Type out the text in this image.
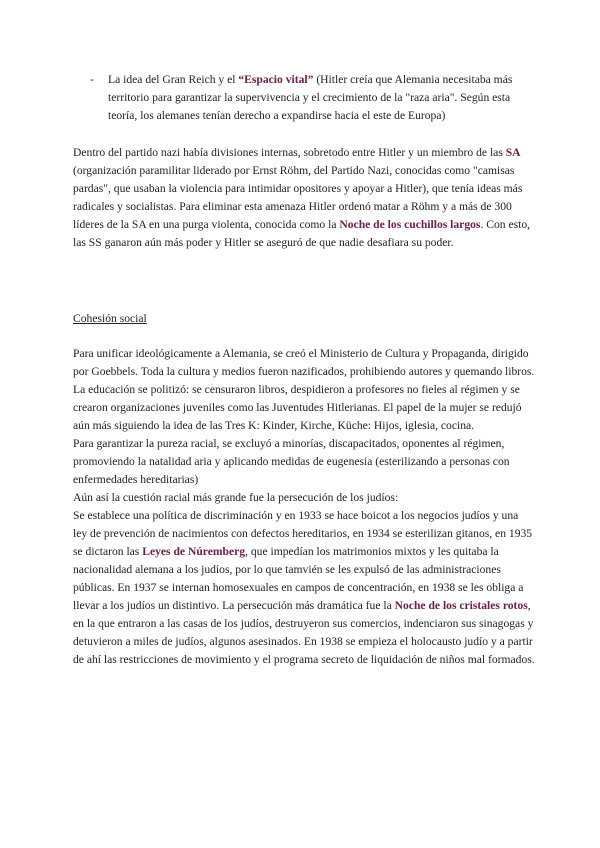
-	La idea del Gran Reich y el “Espacio vital” (Hitler creía que Alemania necesitaba más territorio para garantizar la supervivencia y el crecimiento de la "raza aria". Según esta teoría, los alemanes tenían derecho a expandirse hacia el este de Europa)

Dentro del partido nazi había divisiones internas, sobretodo entre Hitler y un miembro de las SA (organización paramilitar liderado por Ernst Röhm, del Partido Nazi, conocidas como "camisas pardas", que usaban la violencia para intimidar opositores y apoyar a Hitler), que tenía ideas más radicales y socialistas. Para eliminar esta amenaza Hitler ordenó matar a Röhm y a más de 300 líderes de la SA en una purga violenta, conocida como la Noche de los cuchillos largos. Con esto, las SS ganaron aún más poder y Hitler se aseguró de que nadie desafiara su poder.

Cohesión social

Para unificar ideológicamente a Alemania, se creó el Ministerio de Cultura y Propaganda, dirigido por Goebbels. Toda la cultura y medios fueron nazificados, prohibiendo autores y quemando libros.

La educación se politizó: se censuraron libros, despidieron a profesores no fieles al régimen y se crearon organizaciones juveniles como las Juventudes Hitlerianas. El papel de la mujer se redujó aún más siguiendo la idea de las Tres K: Kinder, Kirche, Küche: Hijos, iglesia, cocina.

Para garantizar la pureza racial, se excluyó a minorías, discapacitados, oponentes al régimen, promoviendo la natalidad aria y aplicando medidas de eugenesia (esterilizando a personas con enfermedades hereditarias)

Aún así la cuestión racial más grande fue la persecución de los judíos:

Se establece una política de discriminación y en 1933 se hace boicot a los negocios judíos y una ley de prevención de nacimientos con defectos hereditarios, en 1934 se esterilizan gitanos, en 1935 se dictaron las Leyes de Núremberg, que impedían los matrimonios mixtos y les quitaba la nacionalidad alemana a los judíos, por lo que tamvién se les expulsó de las administraciones públicas. En 1937 se internan homosexuales en campos de concentración, en 1938 se les obliga a llevar a los judíos un distintivo. La persecución más dramática fue la Noche de los cristales rotos, en la que entraron a las casas de los judíos, destruyeron sus comercios, indenciaron sus sinagogas y detuvieron a miles de judíos, algunos asesinados. En 1938 se empieza el holocausto judío y a partir de ahí las restricciones de movimiento y el programa secreto de liquidación de niños mal formados.
